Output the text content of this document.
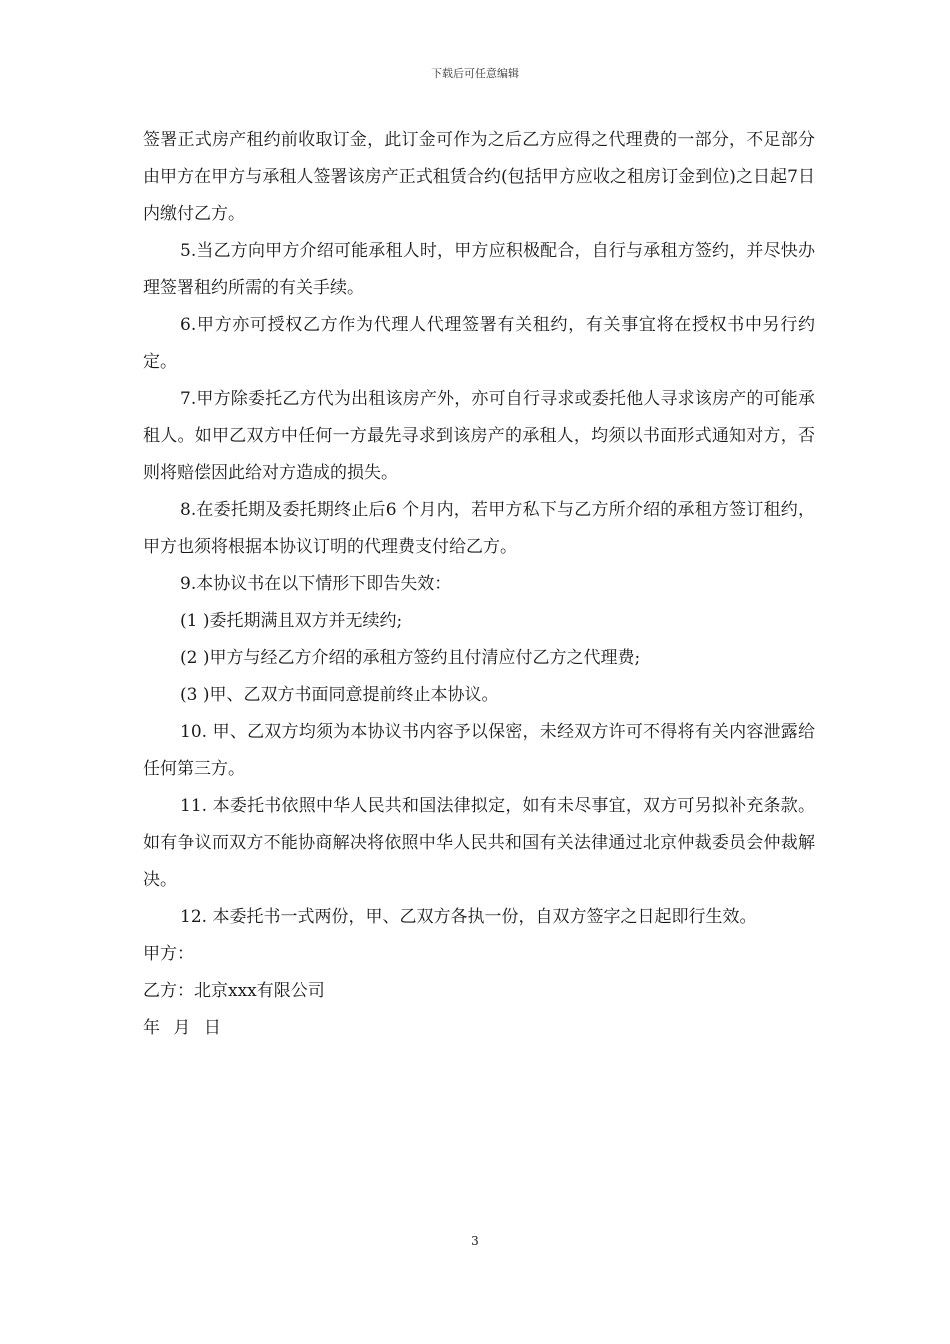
下载后可任意编辑

签署正式房产租约前收取订金，此订金可作为之后乙方应得之代理费的一部分，不足部分由甲方在甲方与承租人签署该房产正式租赁合约(包括甲方应收之租房订金到位)之日起7日内缴付乙方。

5.当乙方向甲方介绍可能承租人时，甲方应积极配合，自行与承租方签约，并尽快办理签署租约所需的有关手续。

6.甲方亦可授权乙方作为代理人代理签署有关租约，有关事宜将在授权书中另行约定。

7.甲方除委托乙方代为出租该房产外，亦可自行寻求或委托他人寻求该房产的可能承租人。如甲乙双方中任何一方最先寻求到该房产的承租人，均须以书面形式通知对方，否则将赔偿因此给对方造成的损失。

8.在委托期及委托期终止后6 个月内，若甲方私下与乙方所介绍的承租方签订租约，甲方也须将根据本协议订明的代理费支付给乙方。

9.本协议书在以下情形下即告失效：

(1 )委托期满且双方并无续约;

(2 )甲方与经乙方介绍的承租方签约且付清应付乙方之代理费;

(3 )甲、乙双方书面同意提前终止本协议。

10. 甲、乙双方均须为本协议书内容予以保密，未经双方许可不得将有关内容泄露给任何第三方。

11. 本委托书依照中华人民共和国法律拟定，如有未尽事宜，双方可另拟补充条款。如有争议而双方不能协商解决将依照中华人民共和国有关法律通过北京仲裁委员会仲裁解决。

12. 本委托书一式两份，甲、乙双方各执一份，自双方签字之日起即行生效。

甲方：

乙方：北京xxx有限公司

年 月 日

3
